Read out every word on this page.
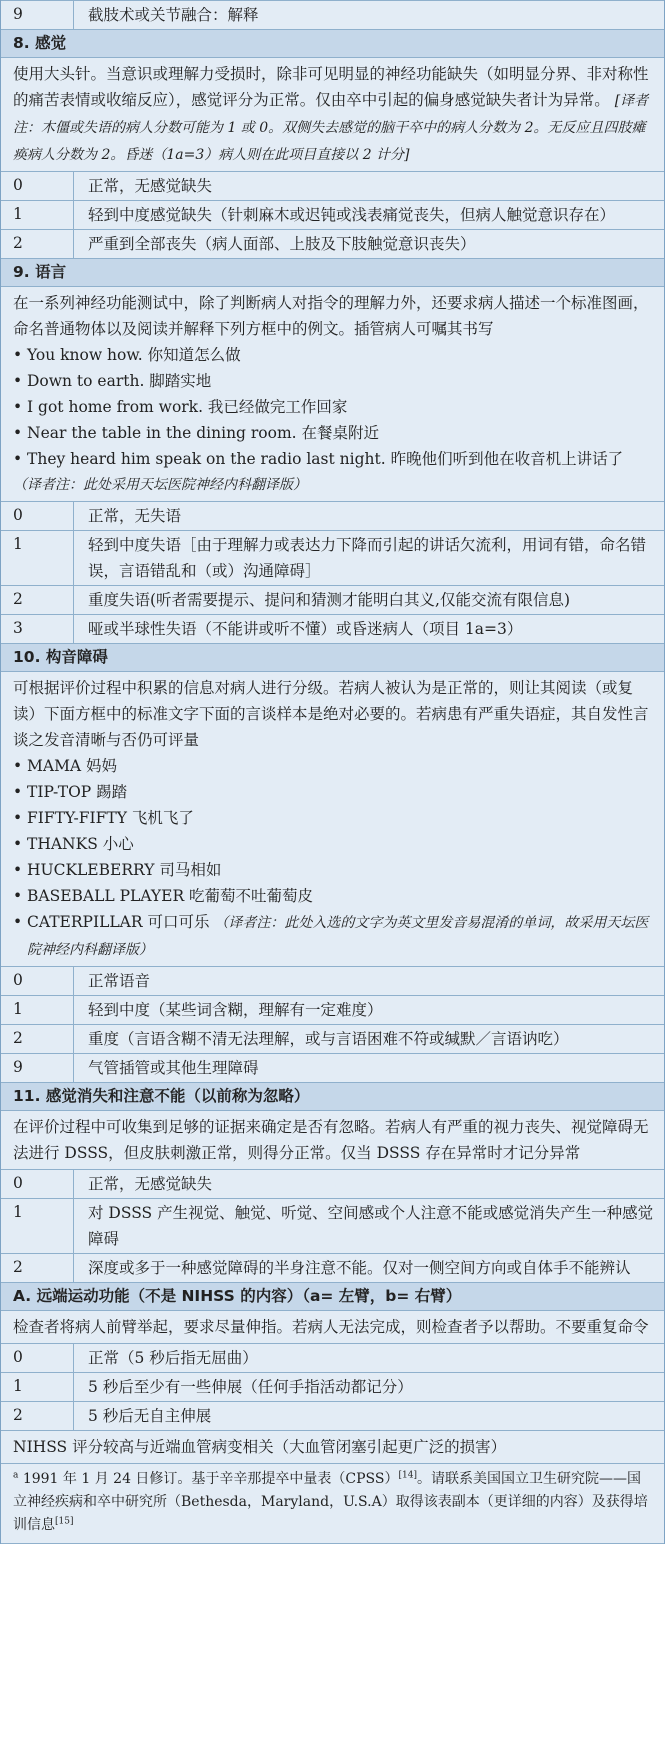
9	截肢术或关节融合：解释
8. 感觉
使用大头针。当意识或理解力受损时，除非可见明显的神经功能缺失（如明显分界、非对称性的痛苦表情或收缩反应），感觉评分为正常。仅由卒中引起的偏身感觉缺失者计为异常。 [译者注：木僵或失语的病人分数可能为 1 或 0。双侧失去感觉的脑干卒中的病人分数为 2。无反应且四肢瘫痪病人分数为 2。昏迷（1a=3）病人则在此项目直接以 2 计分]
0	正常，无感觉缺失
1	轻到中度感觉缺失（针刺麻木或迟钝或浅表痛觉丧失，但病人触觉意识存在）
2	严重到全部丧失（病人面部、上肢及下肢触觉意识丧失）
9. 语言
在一系列神经功能测试中，除了判断病人对指令的理解力外，还要求病人描述一个标准图画，命名普通物体以及阅读并解释下列方框中的例文。插管病人可嘱其书写
• You know how. 你知道怎么做
• Down to earth. 脚踏实地
• I got home from work. 我已经做完工作回家
• Near the table in the dining room. 在餐桌附近
• They heard him speak on the radio last night. 昨晚他们听到他在收音机上讲话了
（译者注：此处采用天坛医院神经内科翻译版）
0	正常，无失语
1	轻到中度失语［由于理解力或表达力下降而引起的讲话欠流利，用词有错，命名错误，言语错乱和（或）沟通障碍］
2	重度失语(听者需要提示、提问和猜测才能明白其义,仅能交流有限信息)
3	哑或半球性失语（不能讲或听不懂）或昏迷病人（项目 1a=3）
10. 构音障碍
可根据评价过程中积累的信息对病人进行分级。若病人被认为是正常的，则让其阅读（或复读）下面方框中的标准文字下面的言谈样本是绝对必要的。若病患有严重失语症，其自发性言谈之发音清晰与否仍可评量
• MAMA 妈妈
• TIP-TOP 踢踏
• FIFTY-FIFTY 飞机飞了
• THANKS 小心
• HUCKLEBERRY 司马相如
• BASEBALL PLAYER 吃葡萄不吐葡萄皮
• CATERPILLAR 可口可乐 （译者注：此处入选的文字为英文里发音易混淆的单词，故采用天坛医院神经内科翻译版）
0	正常语音
1	轻到中度（某些词含糊，理解有一定难度）
2	重度（言语含糊不清无法理解，或与言语困难不符或缄默／言语讷吃）
9	气管插管或其他生理障碍
11. 感觉消失和注意不能（以前称为忽略）
在评价过程中可收集到足够的证据来确定是否有忽略。若病人有严重的视力丧失、视觉障碍无法进行 DSSS，但皮肤刺激正常，则得分正常。仅当 DSSS 存在异常时才记分异常
0	正常，无感觉缺失
1	对 DSSS 产生视觉、触觉、听觉、空间感或个人注意不能或感觉消失产生一种感觉障碍
2	深度或多于一种感觉障碍的半身注意不能。仅对一侧空间方向或自体手不能辨认
A. 远端运动功能（不是 NIHSS 的内容）（a= 左臂，b= 右臂）
检查者将病人前臂举起，要求尽量伸指。若病人无法完成，则检查者予以帮助。不要重复命令
0	正常（5 秒后指无屈曲）
1	5 秒后至少有一些伸展（任何手指活动都记分）
2	5 秒后无自主伸展
NIHSS 评分较高与近端血管病变相关（大血管闭塞引起更广泛的损害）
$^a$ 1991 年 1 月 24 日修订。基于辛辛那提卒中量表（CPSS）[14]。请联系美国国立卫生研究院——国立神经疾病和卒中研究所（Bethesda，Maryland，U.S.A）取得该表副本（更详细的内容）及获得培训信息[15]
